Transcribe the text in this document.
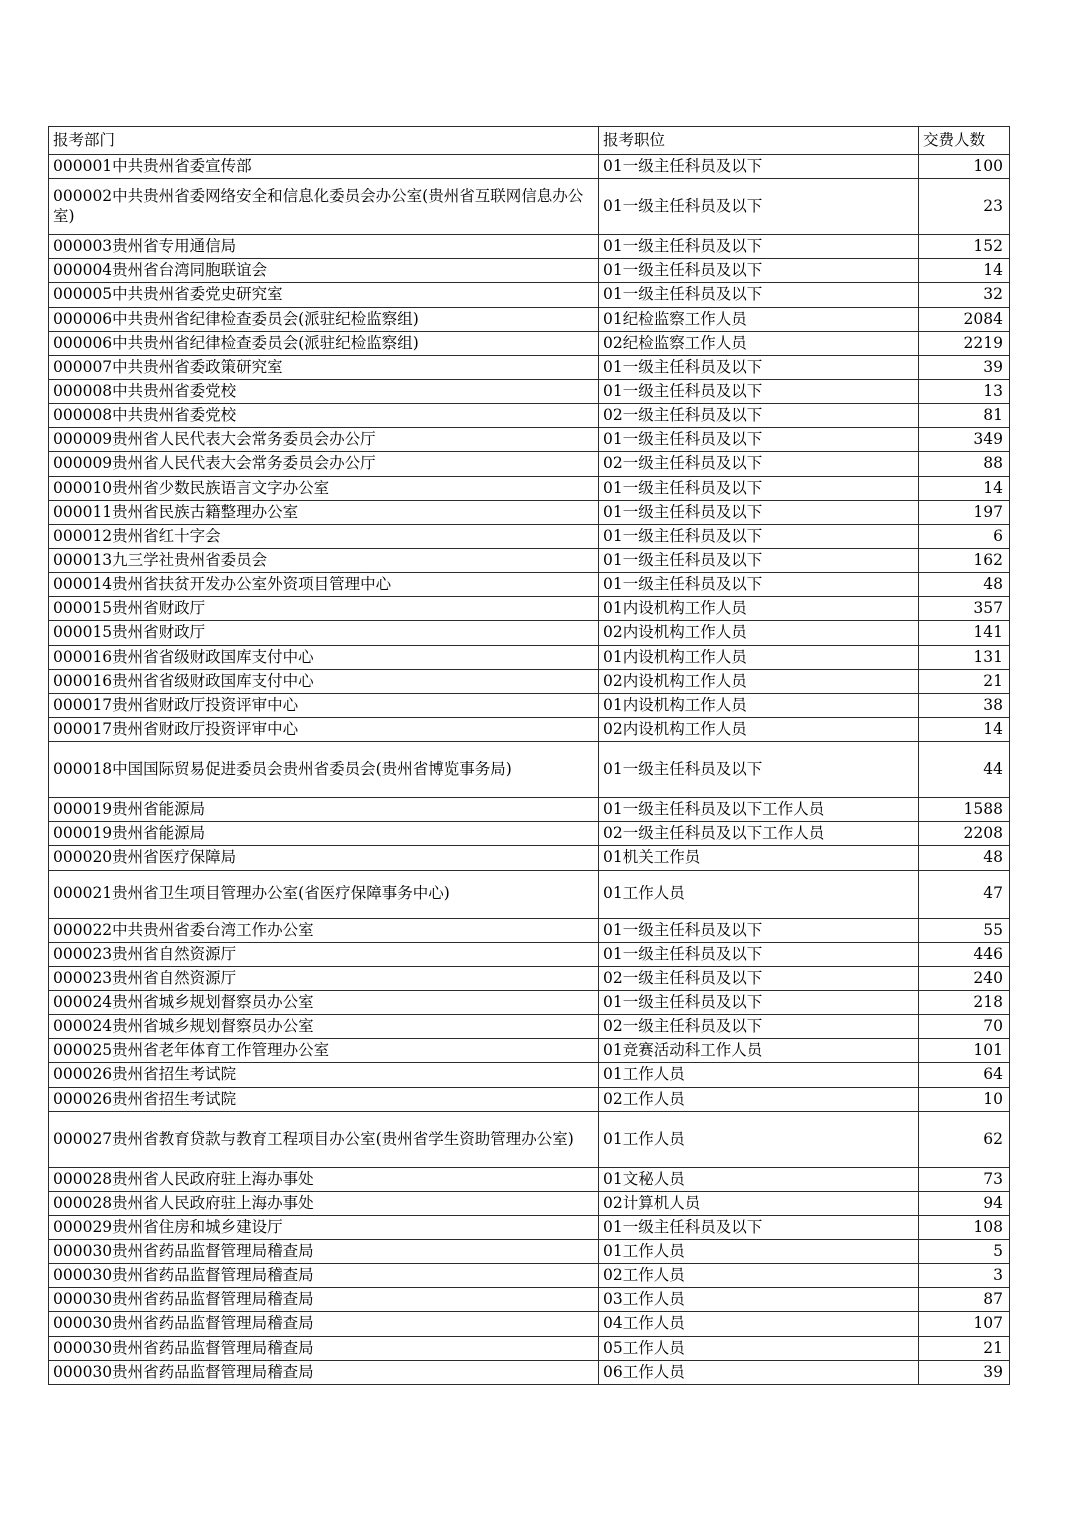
报考部门	报考职位	交费人数
000001中共贵州省委宣传部	01一级主任科员及以下	100
000002中共贵州省委网络安全和信息化委员会办公室(贵州省互联网信息办公室)	01一级主任科员及以下	23
000003贵州省专用通信局	01一级主任科员及以下	152
000004贵州省台湾同胞联谊会	01一级主任科员及以下	14
000005中共贵州省委党史研究室	01一级主任科员及以下	32
000006中共贵州省纪律检查委员会(派驻纪检监察组)	01纪检监察工作人员	2084
000006中共贵州省纪律检查委员会(派驻纪检监察组)	02纪检监察工作人员	2219
000007中共贵州省委政策研究室	01一级主任科员及以下	39
000008中共贵州省委党校	01一级主任科员及以下	13
000008中共贵州省委党校	02一级主任科员及以下	81
000009贵州省人民代表大会常务委员会办公厅	01一级主任科员及以下	349
000009贵州省人民代表大会常务委员会办公厅	02一级主任科员及以下	88
000010贵州省少数民族语言文字办公室	01一级主任科员及以下	14
000011贵州省民族古籍整理办公室	01一级主任科员及以下	197
000012贵州省红十字会	01一级主任科员及以下	6
000013九三学社贵州省委员会	01一级主任科员及以下	162
000014贵州省扶贫开发办公室外资项目管理中心	01一级主任科员及以下	48
000015贵州省财政厅	01内设机构工作人员	357
000015贵州省财政厅	02内设机构工作人员	141
000016贵州省省级财政国库支付中心	01内设机构工作人员	131
000016贵州省省级财政国库支付中心	02内设机构工作人员	21
000017贵州省财政厅投资评审中心	01内设机构工作人员	38
000017贵州省财政厅投资评审中心	02内设机构工作人员	14
000018中国国际贸易促进委员会贵州省委员会(贵州省博览事务局)	01一级主任科员及以下	44
000019贵州省能源局	01一级主任科员及以下工作人员	1588
000019贵州省能源局	02一级主任科员及以下工作人员	2208
000020贵州省医疗保障局	01机关工作员	48
000021贵州省卫生项目管理办公室(省医疗保障事务中心)	01工作人员	47
000022中共贵州省委台湾工作办公室	01一级主任科员及以下	55
000023贵州省自然资源厅	01一级主任科员及以下	446
000023贵州省自然资源厅	02一级主任科员及以下	240
000024贵州省城乡规划督察员办公室	01一级主任科员及以下	218
000024贵州省城乡规划督察员办公室	02一级主任科员及以下	70
000025贵州省老年体育工作管理办公室	01竞赛活动科工作人员	101
000026贵州省招生考试院	01工作人员	64
000026贵州省招生考试院	02工作人员	10
000027贵州省教育贷款与教育工程项目办公室(贵州省学生资助管理办公室)	01工作人员	62
000028贵州省人民政府驻上海办事处	01文秘人员	73
000028贵州省人民政府驻上海办事处	02计算机人员	94
000029贵州省住房和城乡建设厅	01一级主任科员及以下	108
000030贵州省药品监督管理局稽查局	01工作人员	5
000030贵州省药品监督管理局稽查局	02工作人员	3
000030贵州省药品监督管理局稽查局	03工作人员	87
000030贵州省药品监督管理局稽查局	04工作人员	107
000030贵州省药品监督管理局稽查局	05工作人员	21
000030贵州省药品监督管理局稽查局	06工作人员	39
